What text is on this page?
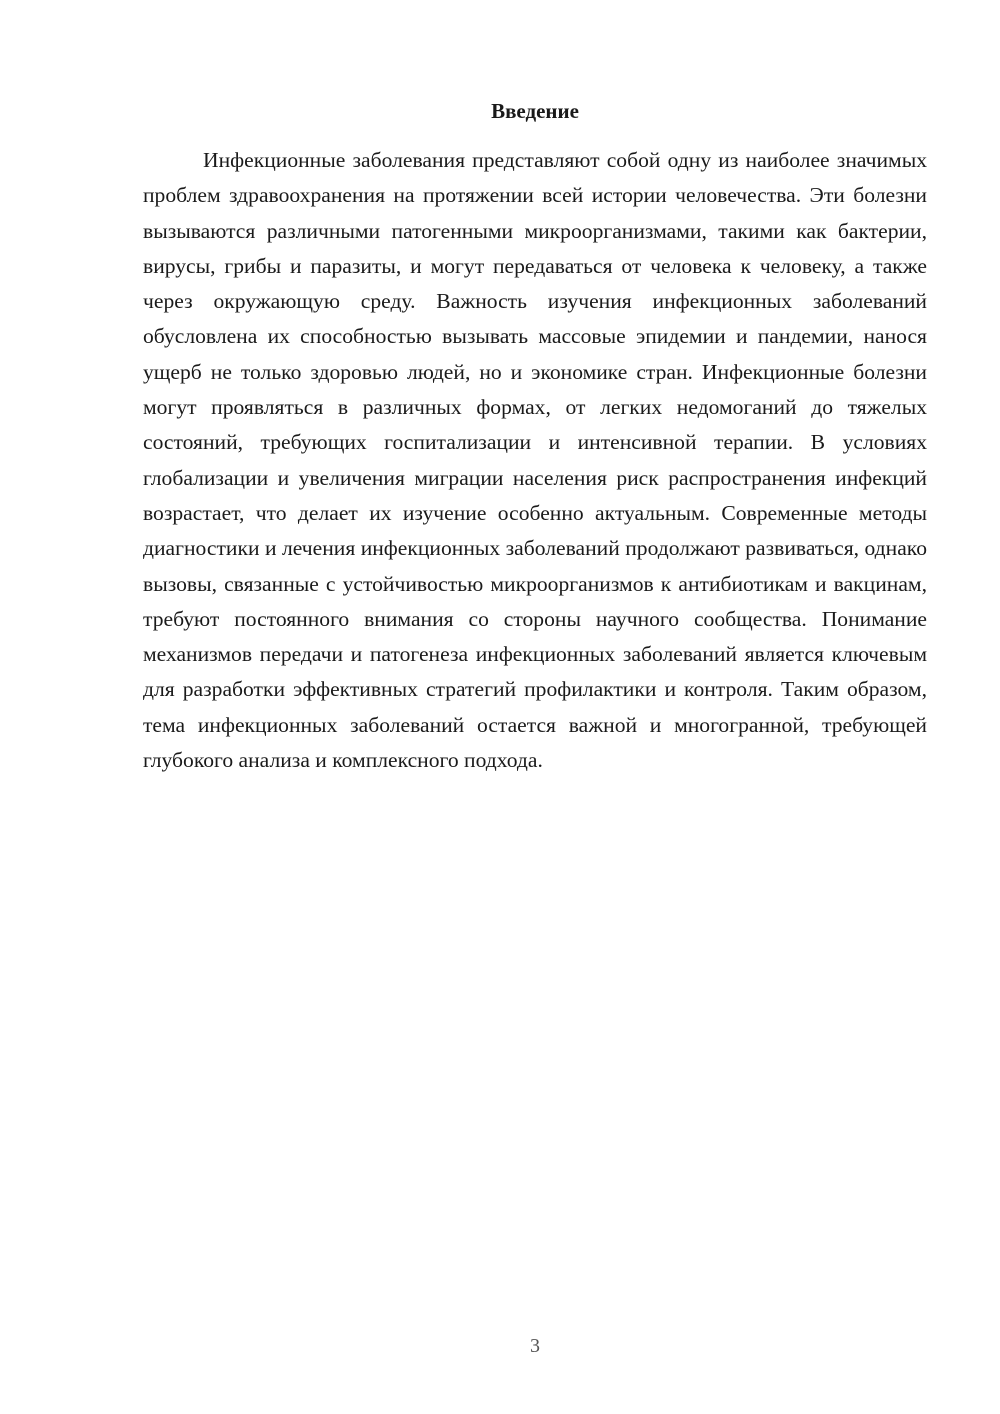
Введение

Инфекционные заболевания представляют собой одну из наиболее значимых проблем здравоохранения на протяжении всей истории человечества. Эти болезни вызываются различными патогенными микроорганизмами, такими как бактерии, вирусы, грибы и паразиты, и могут передаваться от человека к человеку, а также через окружающую среду. Важность изучения инфекционных заболеваний обусловлена их способностью вызывать массовые эпидемии и пандемии, нанося ущерб не только здоровью людей, но и экономике стран. Инфекционные болезни могут проявляться в различных формах, от легких недомоганий до тяжелых состояний, требующих госпитализации и интенсивной терапии. В условиях глобализации и увеличения миграции населения риск распространения инфекций возрастает, что делает их изучение особенно актуальным. Современные методы диагностики и лечения инфекционных заболеваний продолжают развиваться, однако вызовы, связанные с устойчивостью микроорганизмов к антибиотикам и вакцинам, требуют постоянного внимания со стороны научного сообщества. Понимание механизмов передачи и патогенеза инфекционных заболеваний является ключевым для разработки эффективных стратегий профилактики и контроля. Таким образом, тема инфекционных заболеваний остается важной и многогранной, требующей глубокого анализа и комплексного подхода.

3
